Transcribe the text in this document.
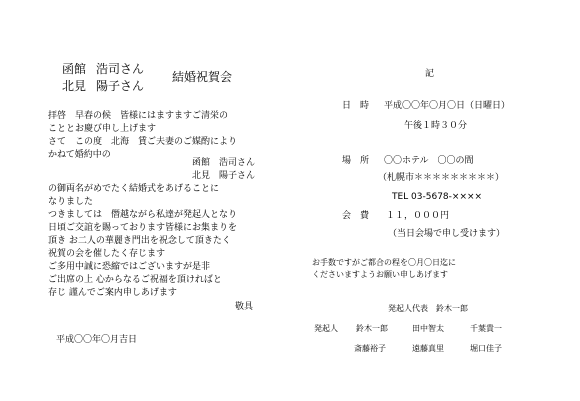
函館 浩司さん
北見 陽子さん
結婚祝賀会
拝啓　早春の候　皆様にはますますご清栄の
こととお慶び申し上げます
さて　この度　北海　賃ご夫妻のご媒酌により
かねて婚約中の
函館　浩司さん
北見　陽子さん
の御両名がめでたく結婚式をあげることに
なりました
つきましては　僭越ながら私達が発起人となり
日頃ご交誼を賜っております皆様にお集まりを
頂き お二人の華麗き門出を祝念して頂きたく
祝賀の会を催したく存じます
ご多用中誠に恐縮ではございますが是非
ご出席の上 心からなるご祝福を頂ければと
存じ 謹んでご案内申しあげます
敬具
平成〇〇年〇月吉日
記
日　時 平成〇〇年〇月〇日（日曜日）
午後１時３０分
場　所 〇〇ホテル　〇〇の間
（札幌市＊＊＊＊＊＊＊＊＊）
TEL 03-5678-××××
会　費 １１，０００円
（当日会場で申し受けます）
お手数ですがご都合の程を〇月〇日迄に
くださいますようお願い申しあげます
発起人代表　鈴木一郎
発起人 鈴木一郎	田中智太	千葉貴一
斎藤裕子	遠藤真里	堀口佳子
